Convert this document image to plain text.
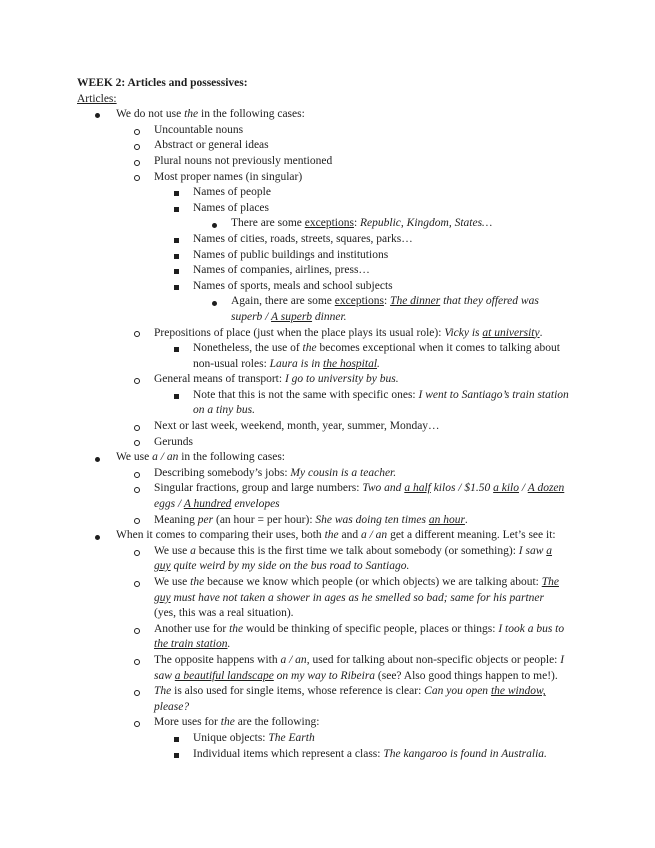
WEEK 2: Articles and possessives:
Articles:
We do not use the in the following cases:
Uncountable nouns
Abstract or general ideas
Plural nouns not previously mentioned
Most proper names (in singular)
Names of people
Names of places
There are some exceptions: Republic, Kingdom, States…
Names of cities, roads, streets, squares, parks…
Names of public buildings and institutions
Names of companies, airlines, press…
Names of sports, meals and school subjects
Again, there are some exceptions: The dinner that they offered was
superb / A superb dinner.
Prepositions of place (just when the place plays its usual role): Vicky is at university.
Nonetheless, the use of the becomes exceptional when it comes to talking about
non-usual roles: Laura is in the hospital.
General means of transport: I go to university by bus.
Note that this is not the same with specific ones: I went to Santiago’s train station
on a tiny bus.
Next or last week, weekend, month, year, summer, Monday…
Gerunds
We use a / an in the following cases:
Describing somebody’s jobs: My cousin is a teacher.
Singular fractions, group and large numbers: Two and a half kilos / $1.50 a kilo / A dozen
eggs / A hundred envelopes
Meaning per (an hour = per hour): She was doing ten times an hour.
When it comes to comparing their uses, both the and a / an get a different meaning. Let’s see it:
We use a because this is the first time we talk about somebody (or something): I saw a
guy quite weird by my side on the bus road to Santiago.
We use the because we know which people (or which objects) we are talking about: The
guy must have not taken a shower in ages as he smelled so bad; same for his partner
(yes, this was a real situation).
Another use for the would be thinking of specific people, places or things: I took a bus to
the train station.
The opposite happens with a / an, used for talking about non-specific objects or people: I
saw a beautiful landscape on my way to Ribeira (see? Also good things happen to me!).
The is also used for single items, whose reference is clear: Can you open the window,
please?
More uses for the are the following:
Unique objects: The Earth
Individual items which represent a class: The kangaroo is found in Australia.
